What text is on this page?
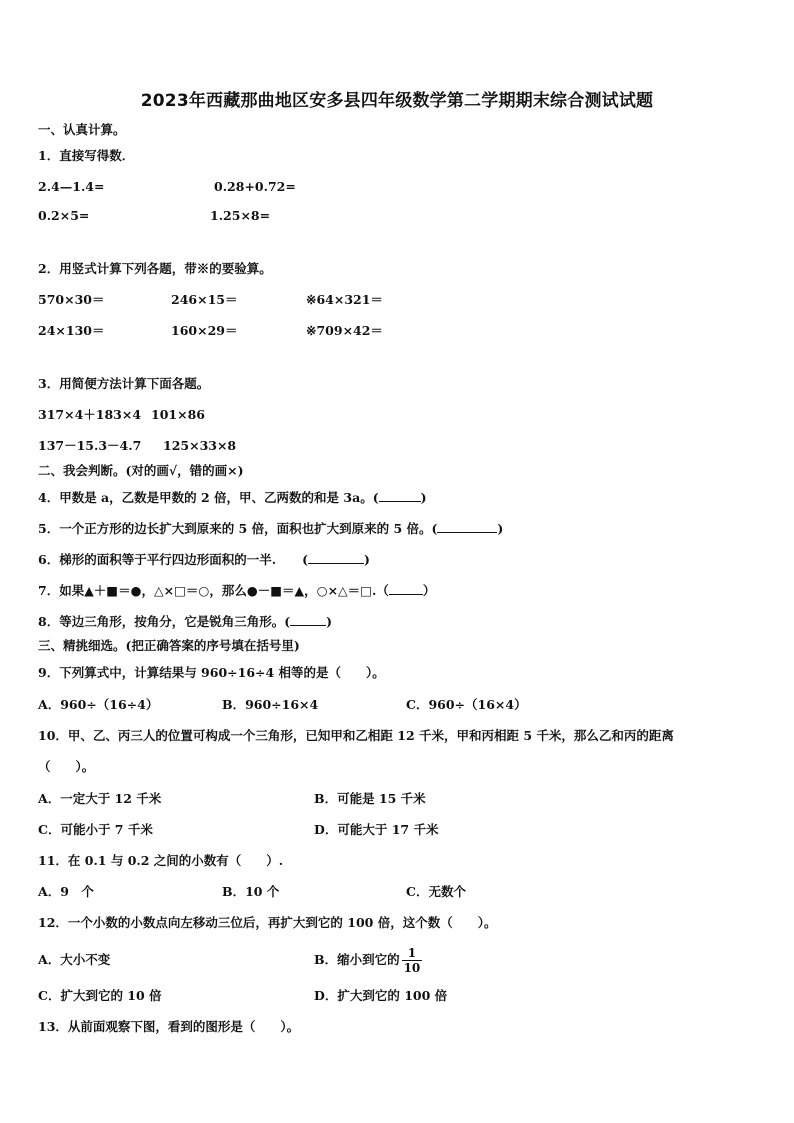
2023年西藏那曲地区安多县四年级数学第二学期期末综合测试试题
一、认真计算。
1．直接写得数．
2.4—1.4=	0.28+0.72=
0.2×5=	1.25×8=
2．用竖式计算下列各题，带※的要验算。
570×30＝	246×15＝	※64×321＝
24×130＝	160×29＝	※709×42＝
3．用简便方法计算下面各题。
317×4＋183×4 101×86
137－15.3－4.7 125×33×8
二、我会判断。(对的画√，错的画×)
4．甲数是 a，乙数是甲数的 2 倍，甲、乙两数的和是 3a。(	)
5．一个正方形的边长扩大到原来的 5 倍，面积也扩大到原来的 5 倍。(	)
6．梯形的面积等于平行四边形面积的一半. (	)
7．如果▲＋■＝●，△×□＝○，那么●－■＝▲，○×△＝□.（	）
8．等边三角形，按角分，它是锐角三角形。(	)
三、精挑细选。(把正确答案的序号填在括号里)
9．下列算式中，计算结果与 960÷16÷4 相等的是（　　）。
A．960÷（16÷4）	B．960÷16×4	C．960÷（16×4）
10．甲、乙、丙三人的位置可构成一个三角形，已知甲和乙相距 12 千米，甲和丙相距 5 千米，那么乙和丙的距离
（　　）。
A．一定大于 12 千米	B．可能是 15 千米
C．可能小于 7 千米	D．可能大于 17 千米
11．在 0.1 与 0.2 之间的小数有（　　）.
A．9　个	B．10 个	C．无数个
12．一个小数的小数点向左移动三位后，再扩大到它的 100 倍，这个数（　　）。
A．大小不变	B．缩小到它的 $\frac{1}{10}$
C．扩大到它的 10 倍	D．扩大到它的 100 倍
13．从前面观察下图，看到的图形是（　　）。
